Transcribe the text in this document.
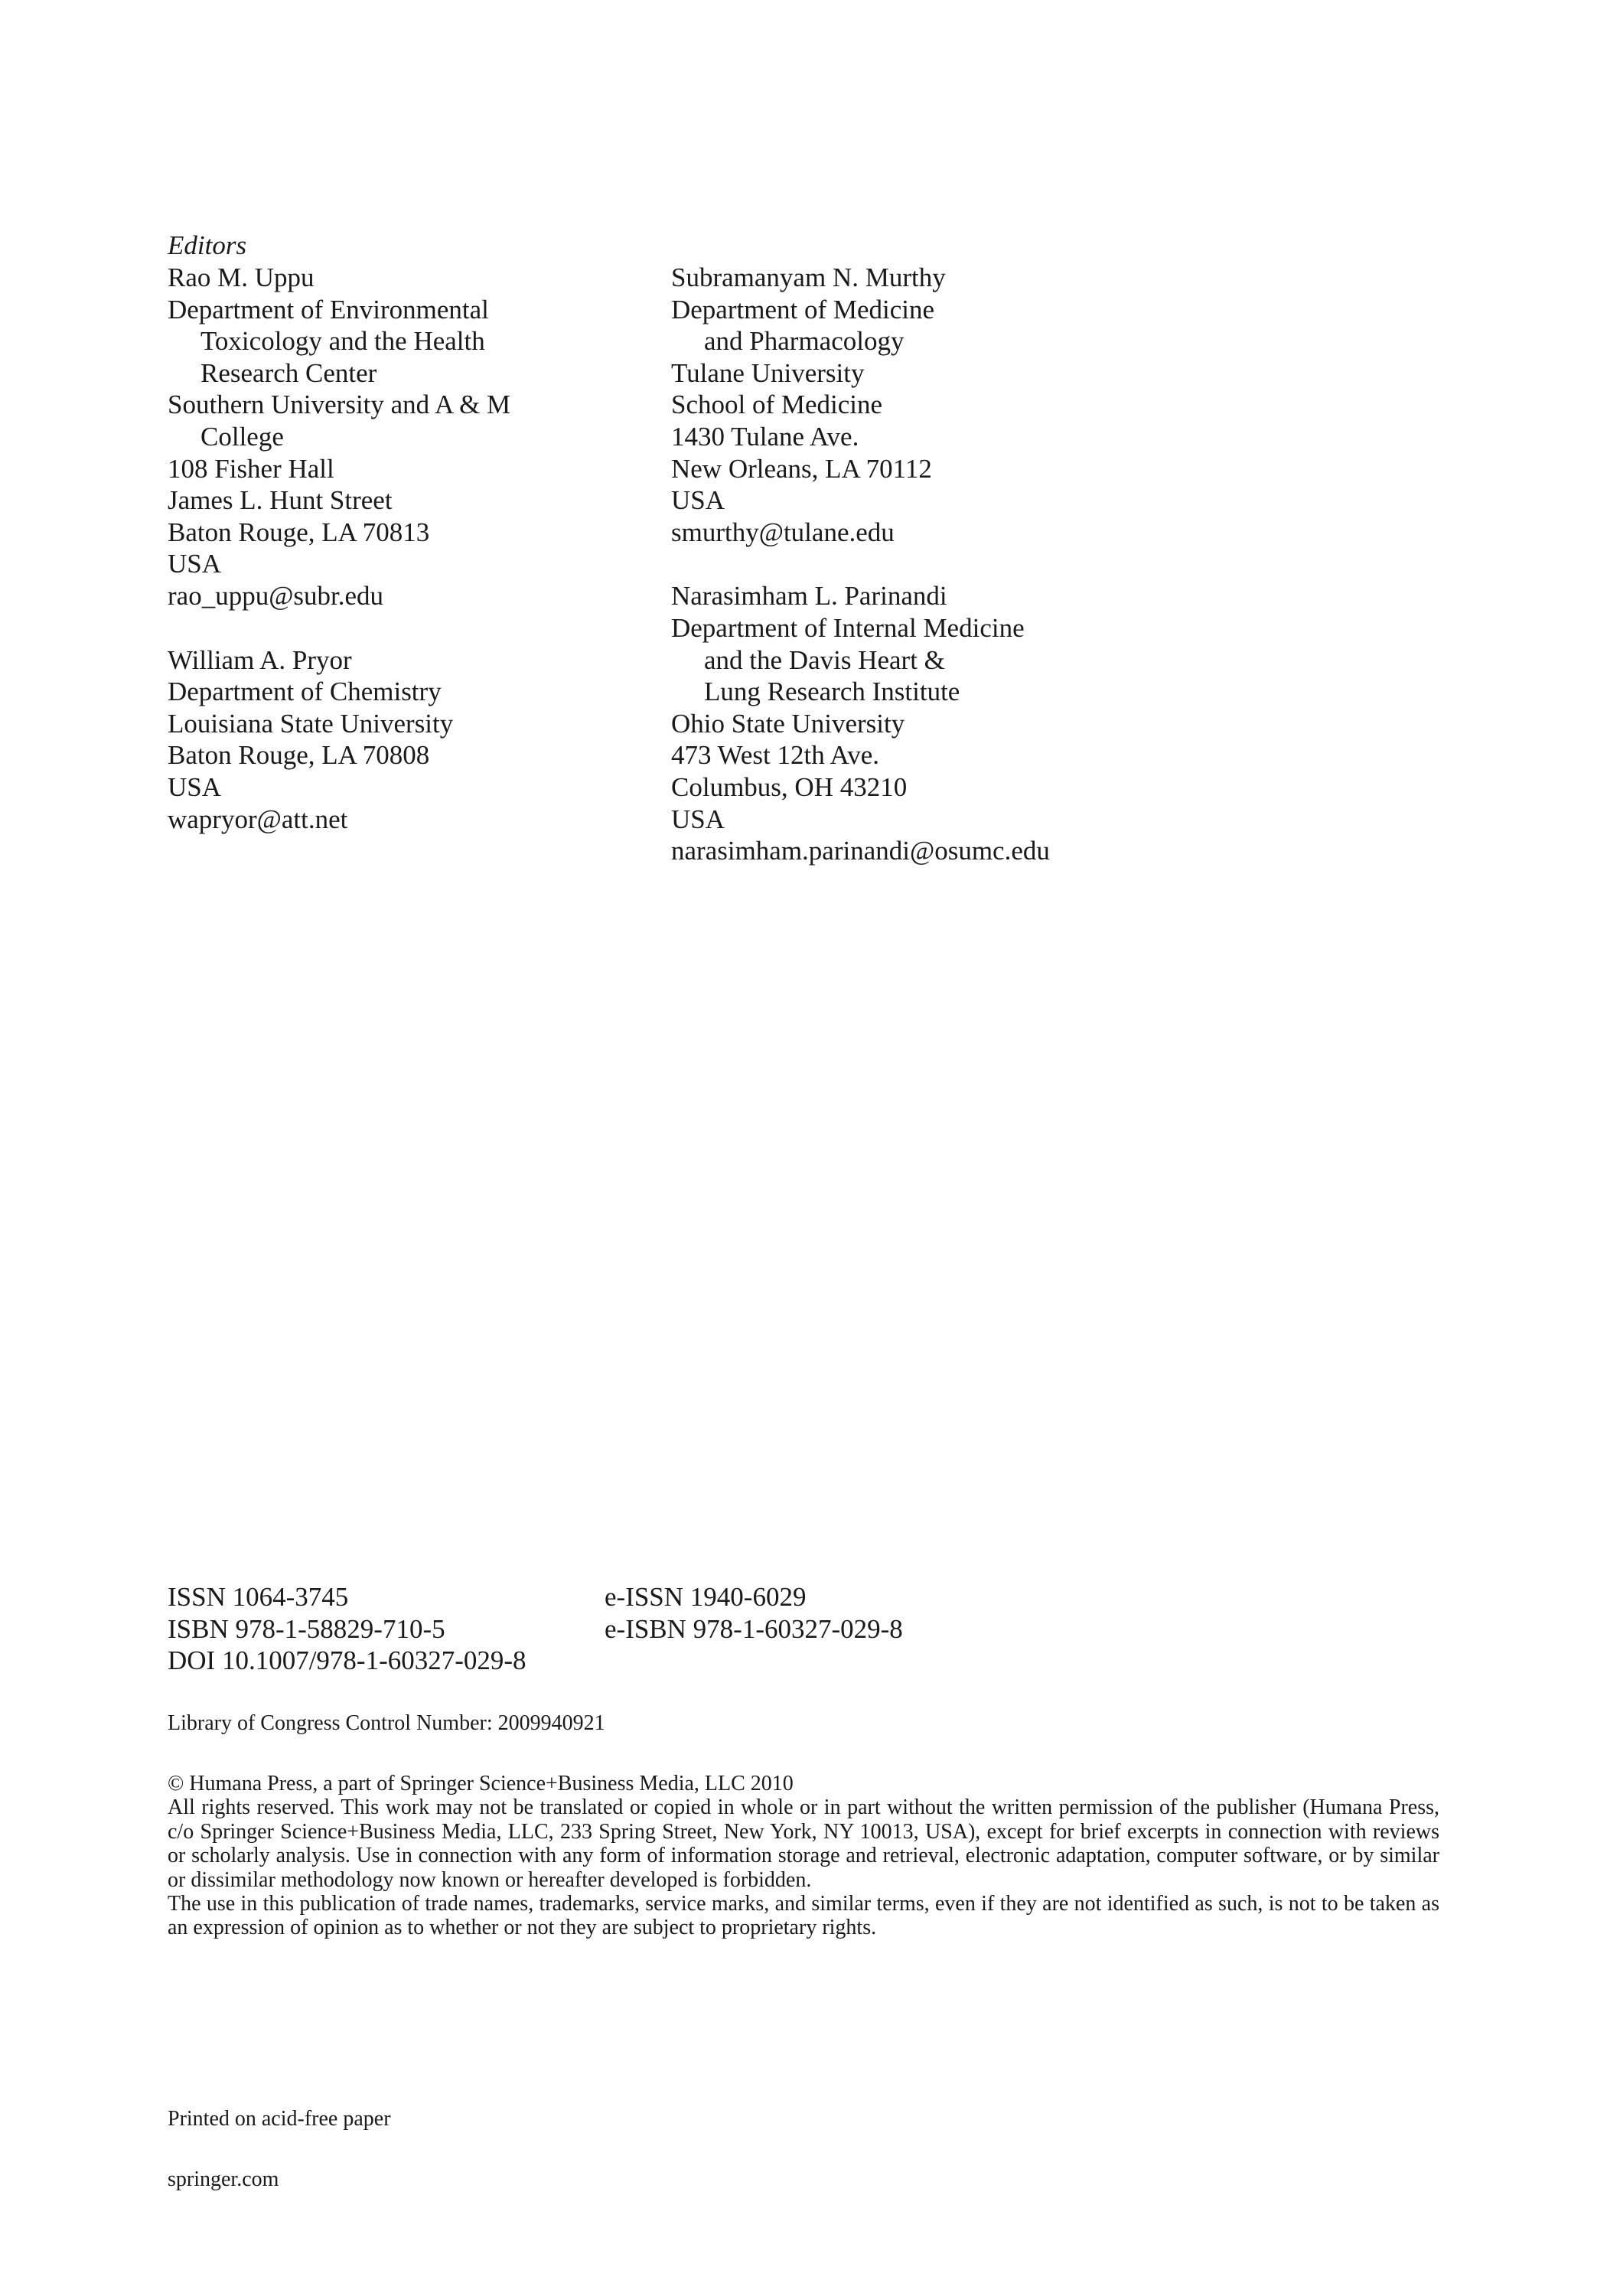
Editors
Rao M. Uppu
Department of Environmental
Toxicology and the Health
Research Center
Southern University and A & M
College
108 Fisher Hall
James L. Hunt Street
Baton Rouge, LA 70813
USA
rao_uppu@subr.edu
William A. Pryor
Department of Chemistry
Louisiana State University
Baton Rouge, LA 70808
USA
wapryor@att.net
Subramanyam N. Murthy
Department of Medicine
and Pharmacology
Tulane University
School of Medicine
1430 Tulane Ave.
New Orleans, LA 70112
USA
smurthy@tulane.edu
Narasimham L. Parinandi
Department of Internal Medicine
and the Davis Heart &
Lung Research Institute
Ohio State University
473 West 12th Ave.
Columbus, OH 43210
USA
narasimham.parinandi@osumc.edu
ISSN 1064-3745	e-ISSN 1940-6029
ISBN 978-1-58829-710-5	e-ISBN 978-1-60327-029-8
DOI 10.1007/978-1-60327-029-8
Library of Congress Control Number: 2009940921

© Humana Press, a part of Springer Science+Business Media, LLC 2010

All rights reserved. This work may not be translated or copied in whole or in part without the written permission of the publisher (Humana Press, c/o Springer Science+Business Media, LLC, 233 Spring Street, New York, NY 10013, USA), except for brief excerpts in connection with reviews or scholarly analysis. Use in connection with any form of information storage and retrieval, electronic adaptation, computer software, or by similar or dissimilar methodology now known or hereafter developed is forbidden.

The use in this publication of trade names, trademarks, service marks, and similar terms, even if they are not identified as such, is not to be taken as an expression of opinion as to whether or not they are subject to proprietary rights.

Printed on acid-free paper
springer.com
